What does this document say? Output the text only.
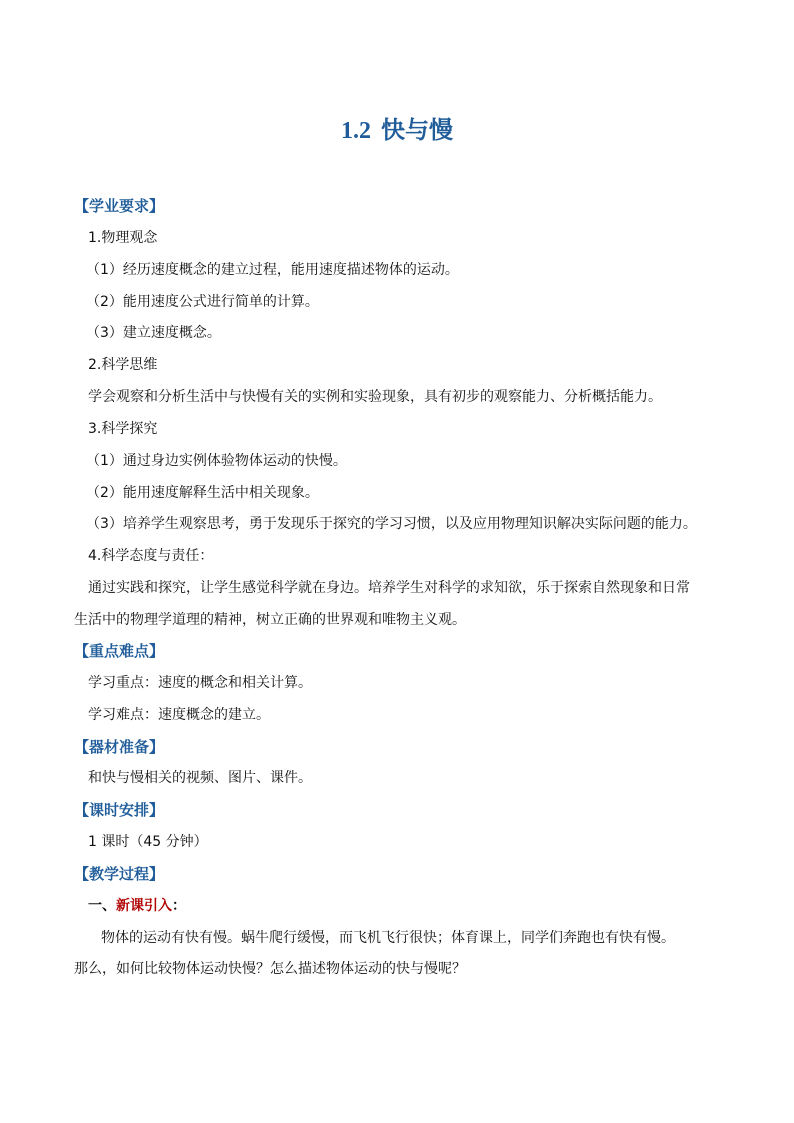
1.2 快与慢
【学业要求】
1.物理观念
（1）经历速度概念的建立过程，能用速度描述物体的运动。
（2）能用速度公式进行简单的计算。
（3）建立速度概念。
2.科学思维
学会观察和分析生活中与快慢有关的实例和实验现象，具有初步的观察能力、分析概括能力。
3.科学探究
（1）通过身边实例体验物体运动的快慢。
（2）能用速度解释生活中相关现象。
（3）培养学生观察思考，勇于发现乐于探究的学习习惯，以及应用物理知识解决实际问题的能力。
4.科学态度与责任：
通过实践和探究，让学生感觉科学就在身边。培养学生对科学的求知欲，乐于探索自然现象和日常
生活中的物理学道理的精神，树立正确的世界观和唯物主义观。
【重点难点】
学习重点：速度的概念和相关计算。
学习难点：速度概念的建立。
【器材准备】
和快与慢相关的视频、图片、课件。
【课时安排】
1 课时（45 分钟）
【教学过程】
一、新课引入：
物体的运动有快有慢。蜗牛爬行缓慢，而飞机飞行很快；体育课上，同学们奔跑也有快有慢。
那么，如何比较物体运动快慢？怎么描述物体运动的快与慢呢？
